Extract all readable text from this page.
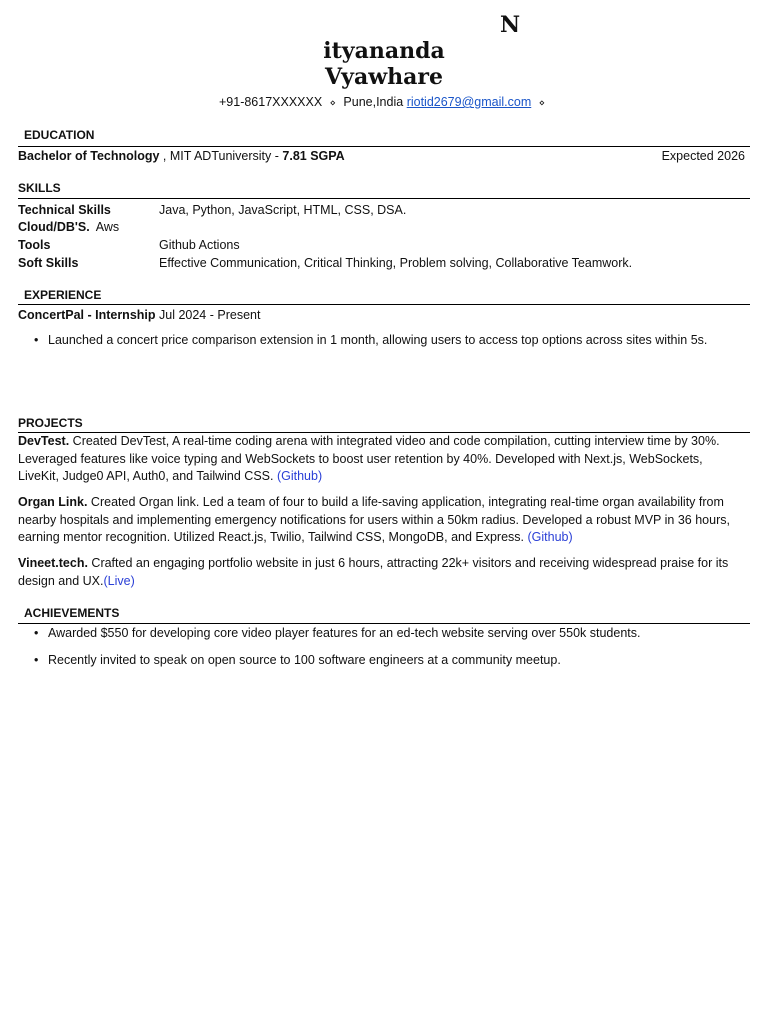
N
ityananda
Vyawhare
+91-8617XXXXXX ⋄ Pune,India riotid2679@gmail.com ⋄
EDUCATION
Bachelor of Technology , MIT ADTuniversity - 7.81 SGPA	Expected 2026
SKILLS
Technical Skills	Java, Python, JavaScript, HTML, CSS, DSA.
Cloud/DB'S. Aws
Tools	Github Actions
Soft Skills	Effective Communication, Critical Thinking, Problem solving, Collaborative Teamwork.
EXPERIENCE
ConcertPal - Internship Jul 2024 - Present
• Launched a concert price comparison extension in 1 month, allowing users to access top options across sites within 5s.
PROJECTS
DevTest. Created DevTest, A real-time coding arena with integrated video and code compilation, cutting interview time by 30%.
Leveraged features like voice typing and WebSockets to boost user retention by 40%. Developed with Next.js, WebSockets,
LiveKit, Judge0 API, Auth0, and Tailwind CSS. (Github)
Organ Link. Created Organ link. Led a team of four to build a life-saving application, integrating real-time organ availability from
nearby hospitals and implementing emergency notifications for users within a 50km radius. Developed a robust MVP in 36 hours,
earning mentor recognition. Utilized React.js, Twilio, Tailwind CSS, MongoDB, and Express. (Github)
Vineet.tech. Crafted an engaging portfolio website in just 6 hours, attracting 22k+ visitors and receiving widespread praise for its
design and UX.(Live)
ACHIEVEMENTS
• Awarded $550 for developing core video player features for an ed-tech website serving over 550k students.
• Recently invited to speak on open source to 100 software engineers at a community meetup.
